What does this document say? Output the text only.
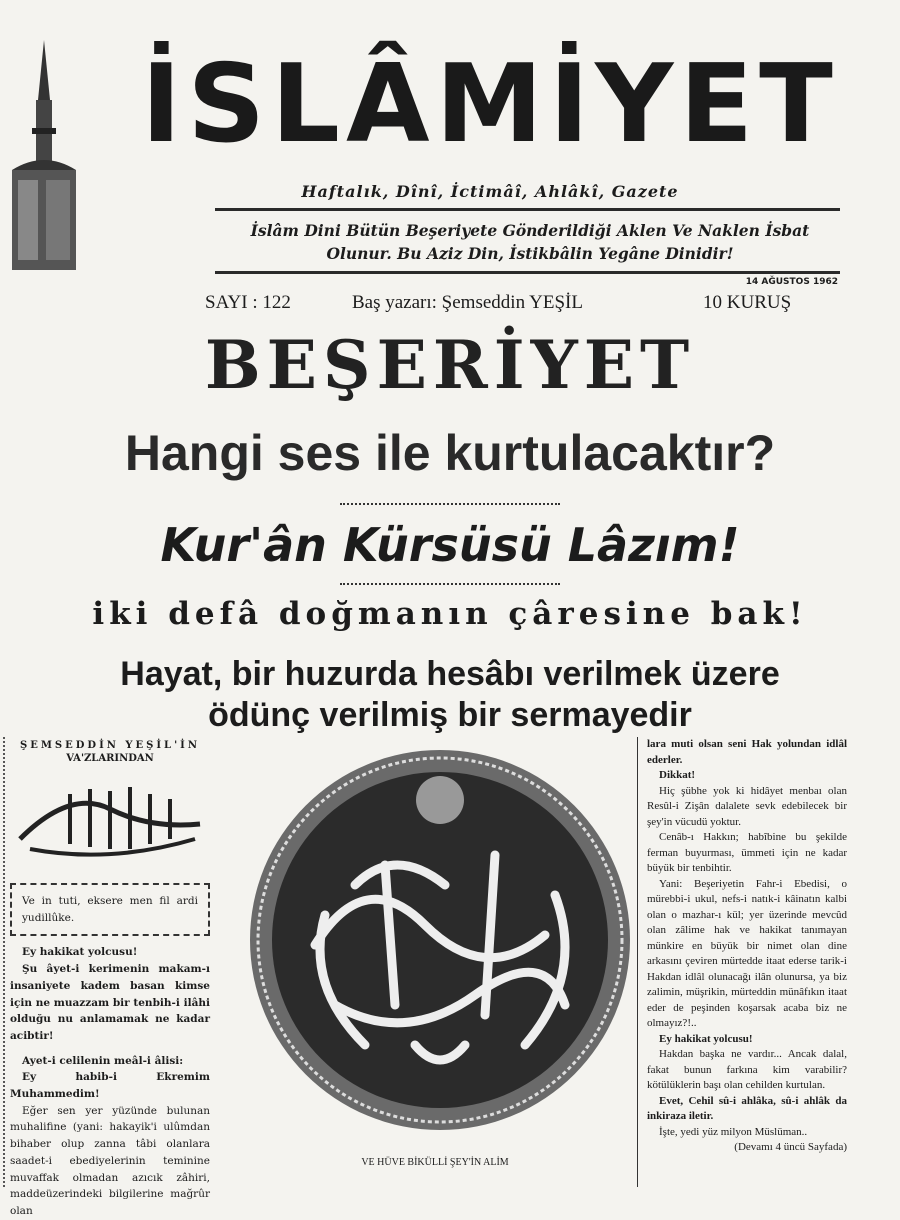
İSLÂMİYET
Haftalık, Dînî, İctimâî, Ahlâkî, Gazete
İslâm Dini Bütün Beşeriyete Gönderildiği Aklen Ve Naklen İsbat
Olunur. Bu Aziz Din, İstikbâlin Yegâne Dinidir!
14 AĞUSTOS 1962
SAYI : 122	Baş yazarı: Şemseddin YEŞİL	10 KURUŞ
BEŞERİYET
Hangi ses ile kurtulacaktır?
Kur'ân Kürsüsü Lâzım!
iki defâ doğmanın çâresine bak!
Hayat, bir huzurda hesâbı verilmek üzere
ödünç verilmiş bir sermayedir
ŞEMSEDDİN YEŞİL'İN
VA'ZLARINDAN
Ve in tuti, eksere men fil ardi yudillûke.

Ey hakikat yolcusu!

Şu âyet-i kerimenin makam-ı insaniyete kadem basan kimse için ne muazzam bir tenbih-i ilâhi olduğu nu anlamamak ne kadar acibtir!

Ayet-i celilenin meâl-i âlisi:

Ey habib-i Ekremim Muhammedim!

Eğer sen yer yüzünde bulunan muhalifine (yani: hakayik'i ulûmdan bihaber olup zanna tâbi olanlara saadet-i ebediyelerinin teminine muvaffak olmadan azıcık zâhiri, maddeüzerindeki bilgilerine mağrûr olan

VE HÜVE BİKÜLLİ ŞEY'İN ALİM

lara muti olsan seni Hak yolundan idlâl ederler.

Dikkat!

Hiç şübhe yok ki hidâyet menbaı olan Resûl-i Zişân dalalete sevk edebilecek bir şey'in vücudü yoktur.

Cenâb-ı Hakkın; habîbine bu şekilde ferman buyurması, ümmeti için ne kadar büyük bir tenbihtir.

Yani: Beşeriyetin Fahr-i Ebedisi, o mürebbi-i ukul, nefs-i natık-i kâinatın kalbi olan o mazhar-ı kül; yer üzerinde mevcûd olan zâlime hak ve hakikat tanımayan münkire en büyük bir nimet olan dine arkasını çeviren mürtedde itaat ederse tarik-i Hakdan idlâl olunacağı ilân olunursa, ya biz zalimin, müşrikin, mürteddin münâfıkın itaat eder de peşinden koşarsak acaba biz ne olmayız?!..

Ey hakikat yolcusu!

Hakdan başka ne vardır... Ancak dalal, fakat bunun farkına kim varabilir? kötülüklerin başı olan cehilden kurtulan.

Evet, Cehil sû-i ahlâka, sû-i ahlâk da inkiraza iletir.

İşte, yedi yüz milyon Müslüman..

(Devamı 4 üncü Sayfada)
